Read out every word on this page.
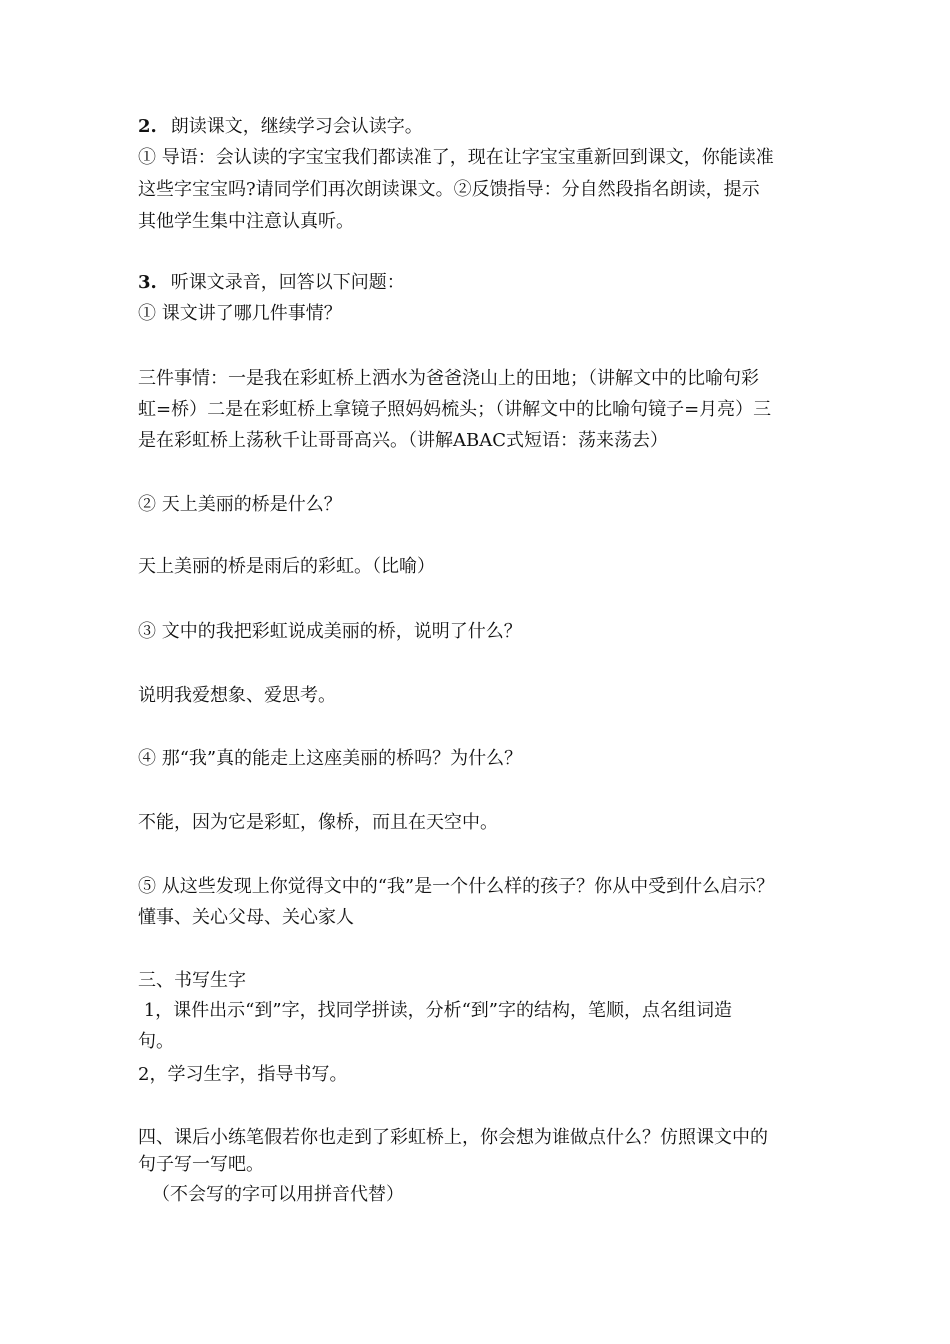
2. 朗读课文，继续学习会认读字。

① 导语：会认读的字宝宝我们都读准了，现在让字宝宝重新回到课文，你能读准

这些字宝宝吗?请同学们再次朗读课文。②反馈指导：分自然段指名朗读，提示

其他学生集中注意认真听。

3. 听课文录音，回答以下问题：

① 课文讲了哪几件事情？

三件事情：一是我在彩虹桥上洒水为爸爸浇山上的田地；（讲解文中的比喻句彩

虹=桥）二是在彩虹桥上拿镜子照妈妈梳头；（讲解文中的比喻句镜子=月亮）三

是在彩虹桥上荡秋千让哥哥高兴。（讲解ABAC式短语：荡来荡去）

② 天上美丽的桥是什么？

天上美丽的桥是雨后的彩虹。（比喻）

③ 文中的我把彩虹说成美丽的桥，说明了什么？

说明我爱想象、爱思考。

④ 那“我”真的能走上这座美丽的桥吗？为什么？

不能，因为它是彩虹，像桥，而且在天空中。

⑤ 从这些发现上你觉得文中的“我”是一个什么样的孩子？你从中受到什么启示？

懂事、关心父母、关心家人

三、书写生字

1，课件出示“到”字，找同学拼读，分析“到”字的结构，笔顺，点名组词造

句。

2，学习生字，指导书写。

四、课后小练笔假若你也走到了彩虹桥上，你会想为谁做点什么？仿照课文中的

句子写一写吧。

（不会写的字可以用拼音代替）
